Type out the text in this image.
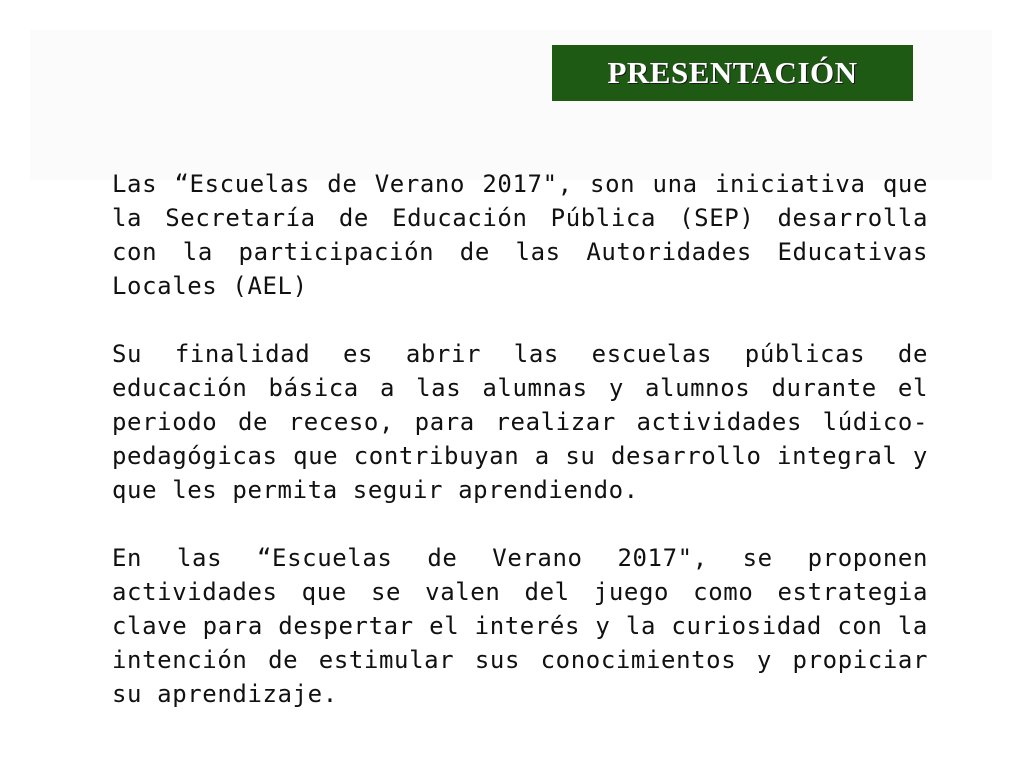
PRESENTACIÓN

Las “Escuelas de Verano 2017", son una iniciativa que la Secretaría de Educación Pública (SEP) desarrolla con la participación de las Autoridades Educativas Locales (AEL)

Su finalidad es abrir las escuelas públicas de educación básica a las alumnas y alumnos durante el periodo de receso, para realizar actividades lúdico-pedagógicas que contribuyan a su desarrollo integral y que les permita seguir aprendiendo.

En las “Escuelas de Verano 2017", se proponen actividades que se valen del juego como estrategia clave para despertar el interés y la curiosidad con la intención de estimular sus conocimientos y propiciar su aprendizaje.
